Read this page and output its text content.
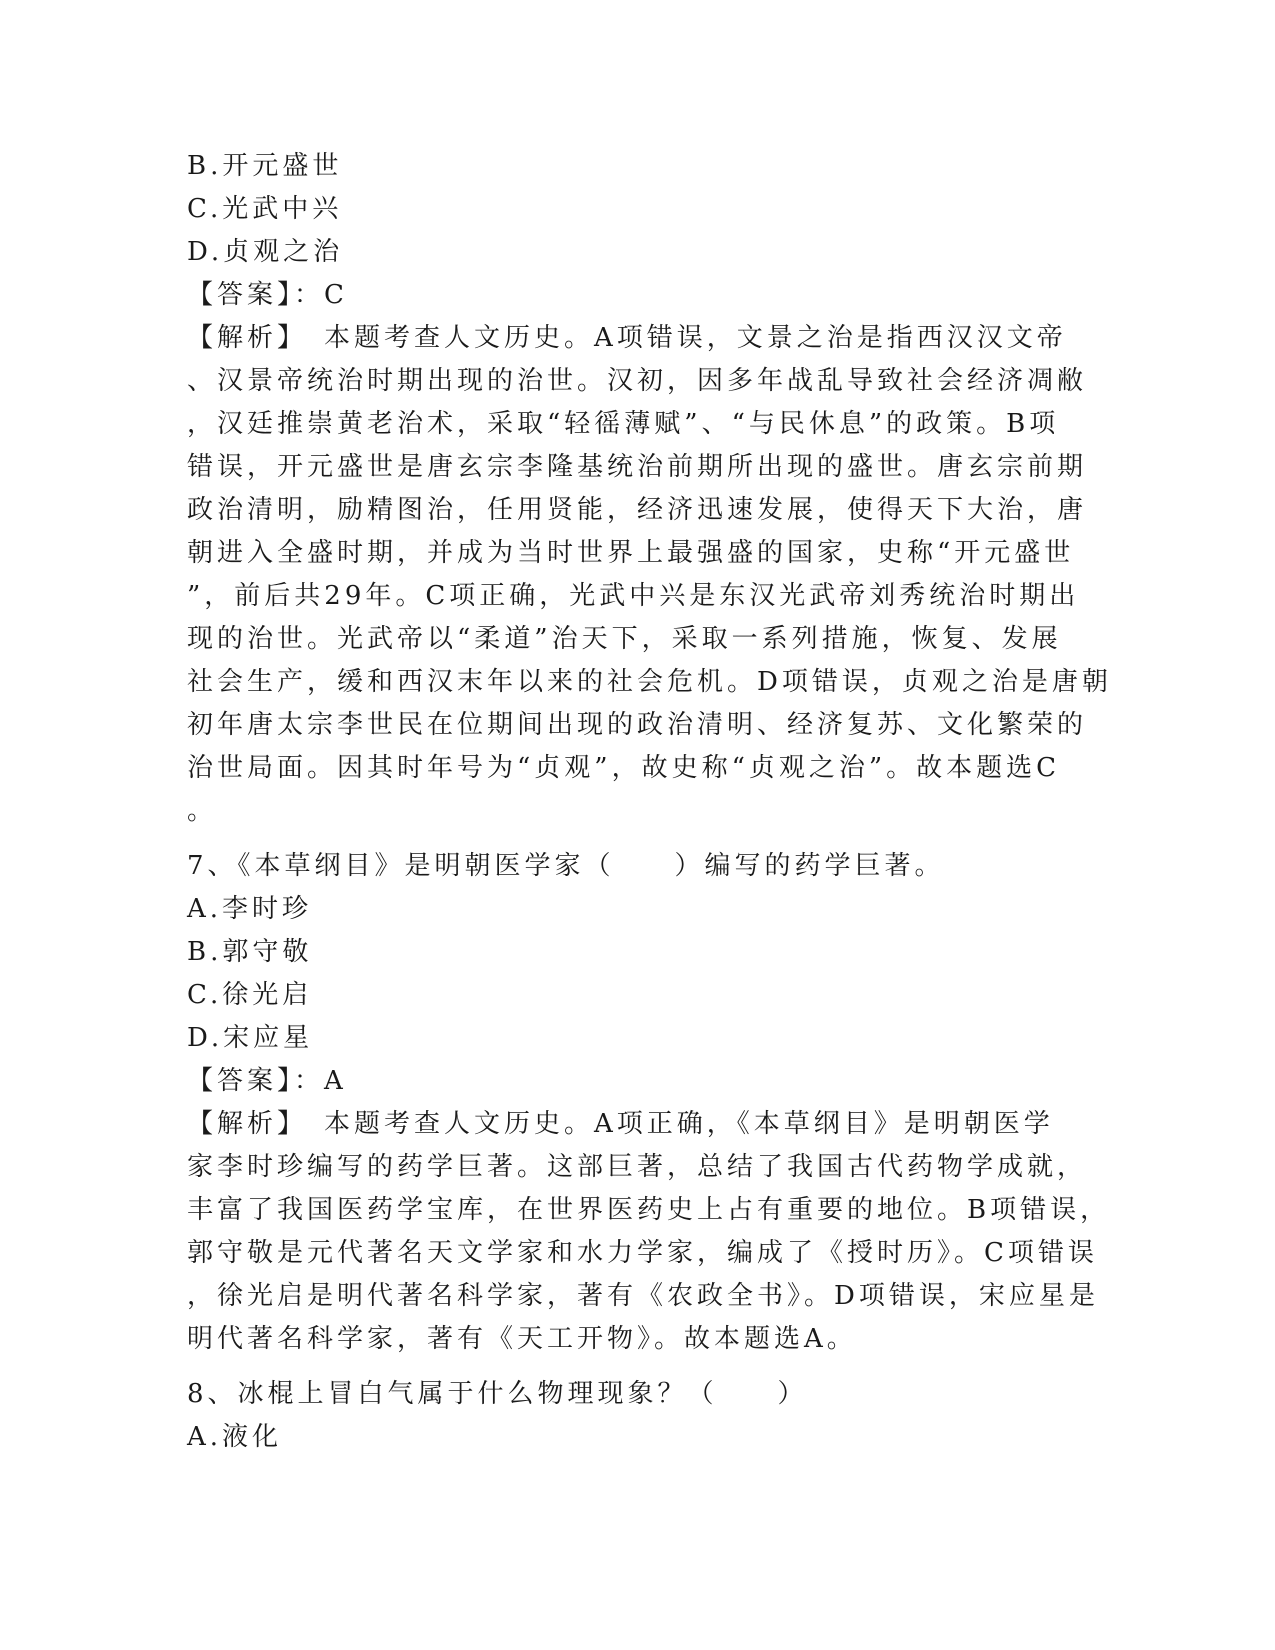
B.开元盛世

C.光武中兴

D.贞观之治

【答案】：C

【解析】　本题考查人文历史。A项错误，文景之治是指西汉汉文帝

、汉景帝统治时期出现的治世。汉初，因多年战乱导致社会经济凋敝

，汉廷推崇黄老治术，采取“轻徭薄赋”、“与民休息”的政策。B项

错误，开元盛世是唐玄宗李隆基统治前期所出现的盛世。唐玄宗前期

政治清明，励精图治，任用贤能，经济迅速发展，使得天下大治，唐

朝进入全盛时期，并成为当时世界上最强盛的国家，史称“开元盛世

”，前后共29年。C项正确，光武中兴是东汉光武帝刘秀统治时期出

现的治世。光武帝以“柔道”治天下，采取一系列措施，恢复、发展

社会生产，缓和西汉末年以来的社会危机。D项错误，贞观之治是唐朝

初年唐太宗李世民在位期间出现的政治清明、经济复苏、文化繁荣的

治世局面。因其时年号为“贞观”，故史称“贞观之治”。故本题选C

。

7、《本草纲目》是明朝医学家（　　）编写的药学巨著。

A.李时珍

B.郭守敬

C.徐光启

D.宋应星

【答案】：A

【解析】　本题考查人文历史。A项正确，《本草纲目》是明朝医学

家李时珍编写的药学巨著。这部巨著，总结了我国古代药物学成就，

丰富了我国医药学宝库，在世界医药史上占有重要的地位。B项错误，

郭守敬是元代著名天文学家和水力学家，编成了《授时历》。C项错误

，徐光启是明代著名科学家，著有《农政全书》。D项错误，宋应星是

明代著名科学家，著有《天工开物》。故本题选A。

8、冰棍上冒白气属于什么物理现象？（　　）

A.液化
